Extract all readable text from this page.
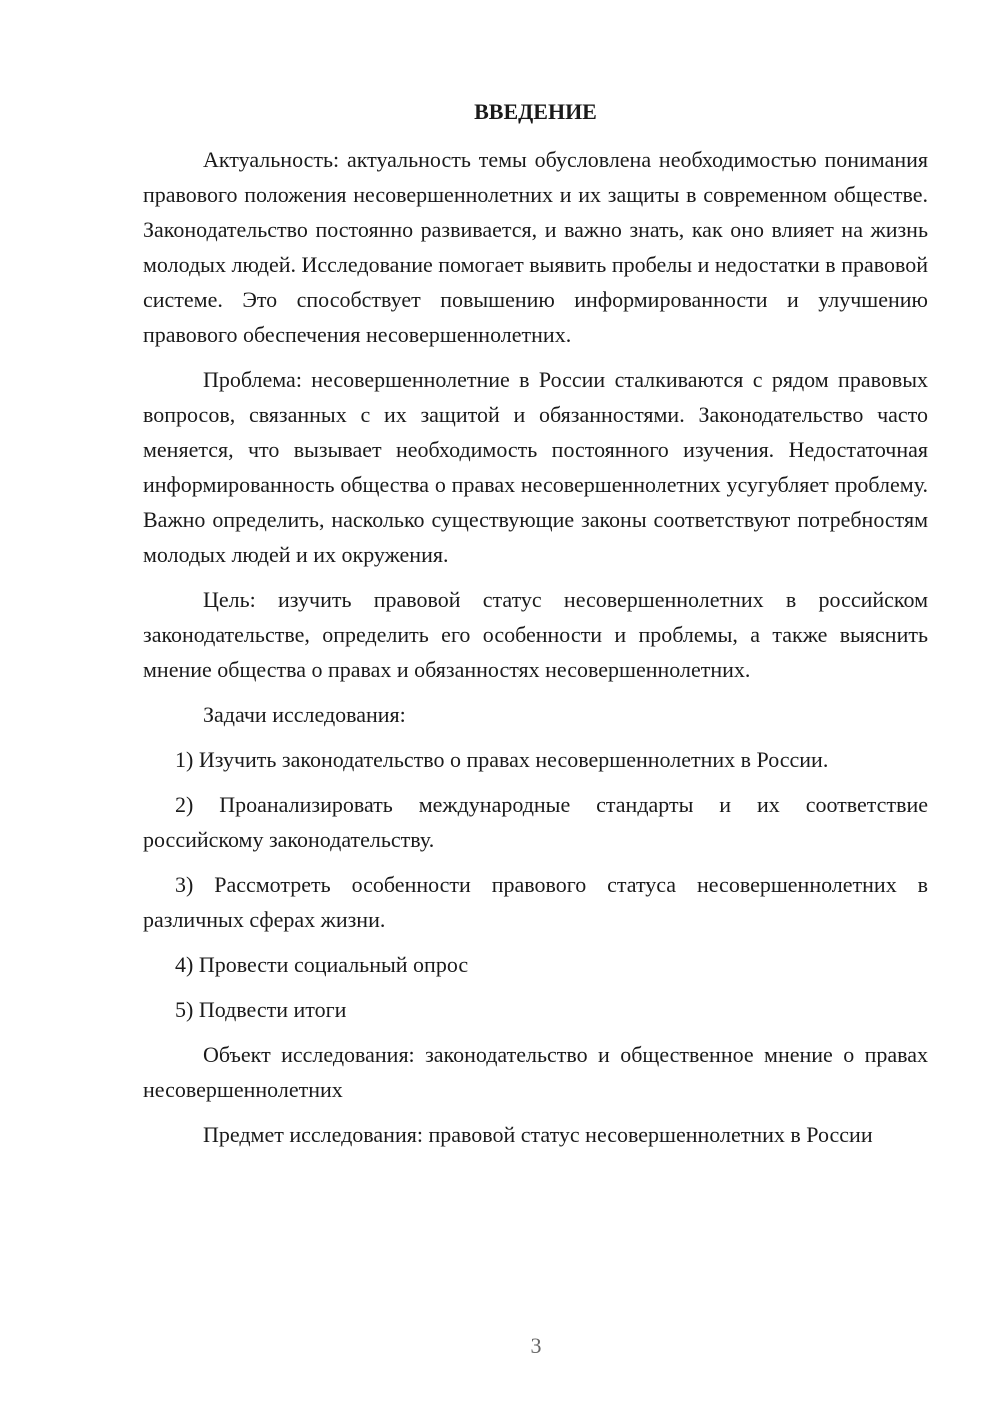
ВВЕДЕНИЕ

Актуальность: актуальность темы обусловлена необходимостью понимания правового положения несовершеннолетних и их защиты в современном обществе. Законодательство постоянно развивается, и важно знать, как оно влияет на жизнь молодых людей. Исследование помогает выявить пробелы и недостатки в правовой системе. Это способствует повышению информированности и улучшению правового обеспечения несовершеннолетних.

Проблема: несовершеннолетние в России сталкиваются с рядом правовых вопросов, связанных с их защитой и обязанностями. Законодательство часто меняется, что вызывает необходимость постоянного изучения. Недостаточная информированность общества о правах несовершеннолетних усугубляет проблему. Важно определить, насколько существующие законы соответствуют потребностям молодых людей и их окружения.

Цель: изучить правовой статус несовершеннолетних в российском законодательстве, определить его особенности и проблемы, а также выяснить мнение общества о правах и обязанностях несовершеннолетних.

Задачи исследования:

1) Изучить законодательство о правах несовершеннолетних в России.

2) Проанализировать международные стандарты и их соответствие российскому законодательству.

3) Рассмотреть особенности правового статуса несовершеннолетних в различных сферах жизни.

4) Провести социальный опрос

5) Подвести итоги

Объект исследования: законодательство и общественное мнение о правах несовершеннолетних

Предмет исследования: правовой статус несовершеннолетних в России

3
